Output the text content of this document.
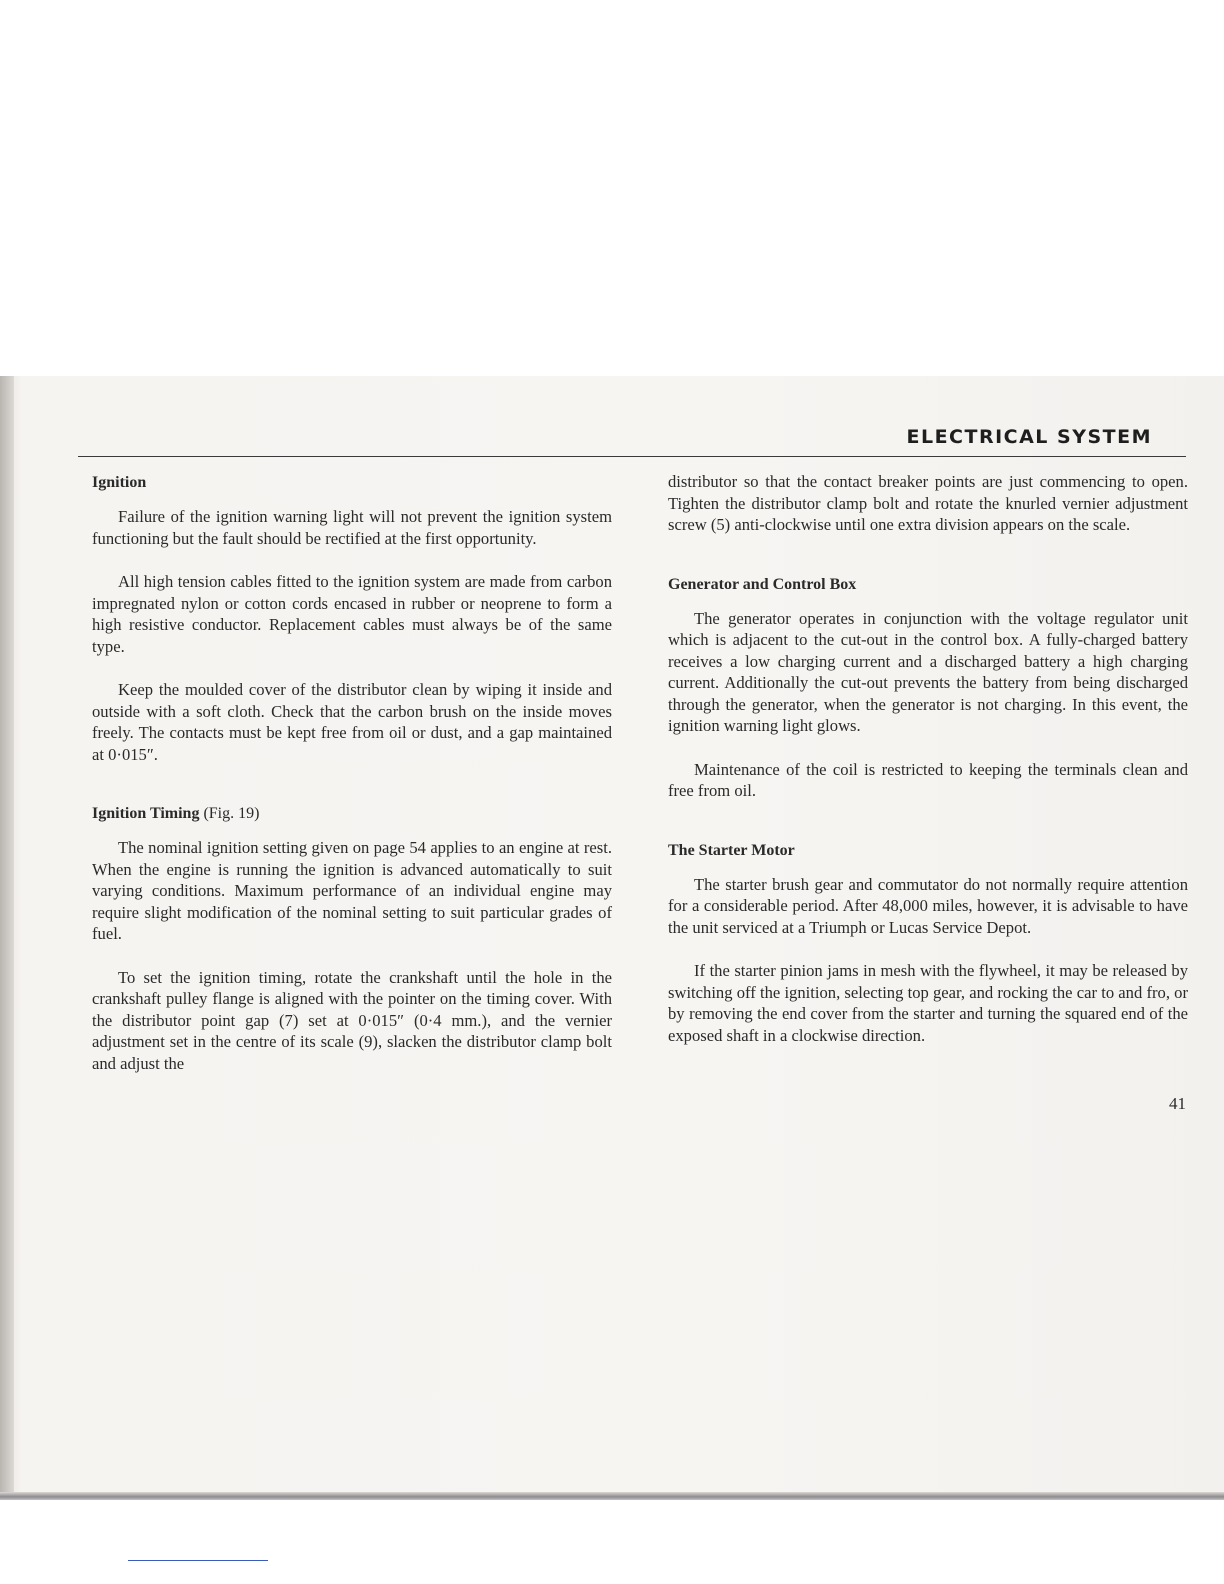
ELECTRICAL SYSTEM
Ignition

Failure of the ignition warning light will not prevent the ignition system functioning but the fault should be rectified at the first opportunity.

All high tension cables fitted to the ignition system are made from carbon impregnated nylon or cotton cords encased in rubber or neoprene to form a high resistive conductor. Replacement cables must always be of the same type.

Keep the moulded cover of the distributor clean by wiping it inside and outside with a soft cloth. Check that the carbon brush on the inside moves freely. The contacts must be kept free from oil or dust, and a gap maintained at 0·015″.

Ignition Timing (Fig. 19)

The nominal ignition setting given on page 54 applies to an engine at rest. When the engine is running the ignition is advanced automatically to suit varying conditions. Maximum performance of an individual engine may require slight modification of the nominal setting to suit particular grades of fuel.

To set the ignition timing, rotate the crankshaft until the hole in the crankshaft pulley flange is aligned with the pointer on the timing cover. With the distributor point gap (7) set at 0·015″ (0·4 mm.), and the vernier adjustment set in the centre of its scale (9), slacken the distributor clamp bolt and adjust the

distributor so that the contact breaker points are just commencing to open. Tighten the distributor clamp bolt and rotate the knurled vernier adjustment screw (5) anti-clockwise until one extra division appears on the scale.

Generator and Control Box

The generator operates in conjunction with the voltage regulator unit which is adjacent to the cut-out in the control box. A fully-charged battery receives a low charging current and a discharged battery a high charging current. Additionally the cut-out prevents the battery from being discharged through the generator, when the generator is not charging. In this event, the ignition warning light glows.

Maintenance of the coil is restricted to keeping the terminals clean and free from oil.

The Starter Motor

The starter brush gear and commutator do not normally require attention for a considerable period. After 48,000 miles, however, it is advisable to have the unit serviced at a Triumph or Lucas Service Depot.

If the starter pinion jams in mesh with the flywheel, it may be released by switching off the ignition, selecting top gear, and rocking the car to and fro, or by removing the end cover from the starter and turning the squared end of the exposed shaft in a clockwise direction.

41
